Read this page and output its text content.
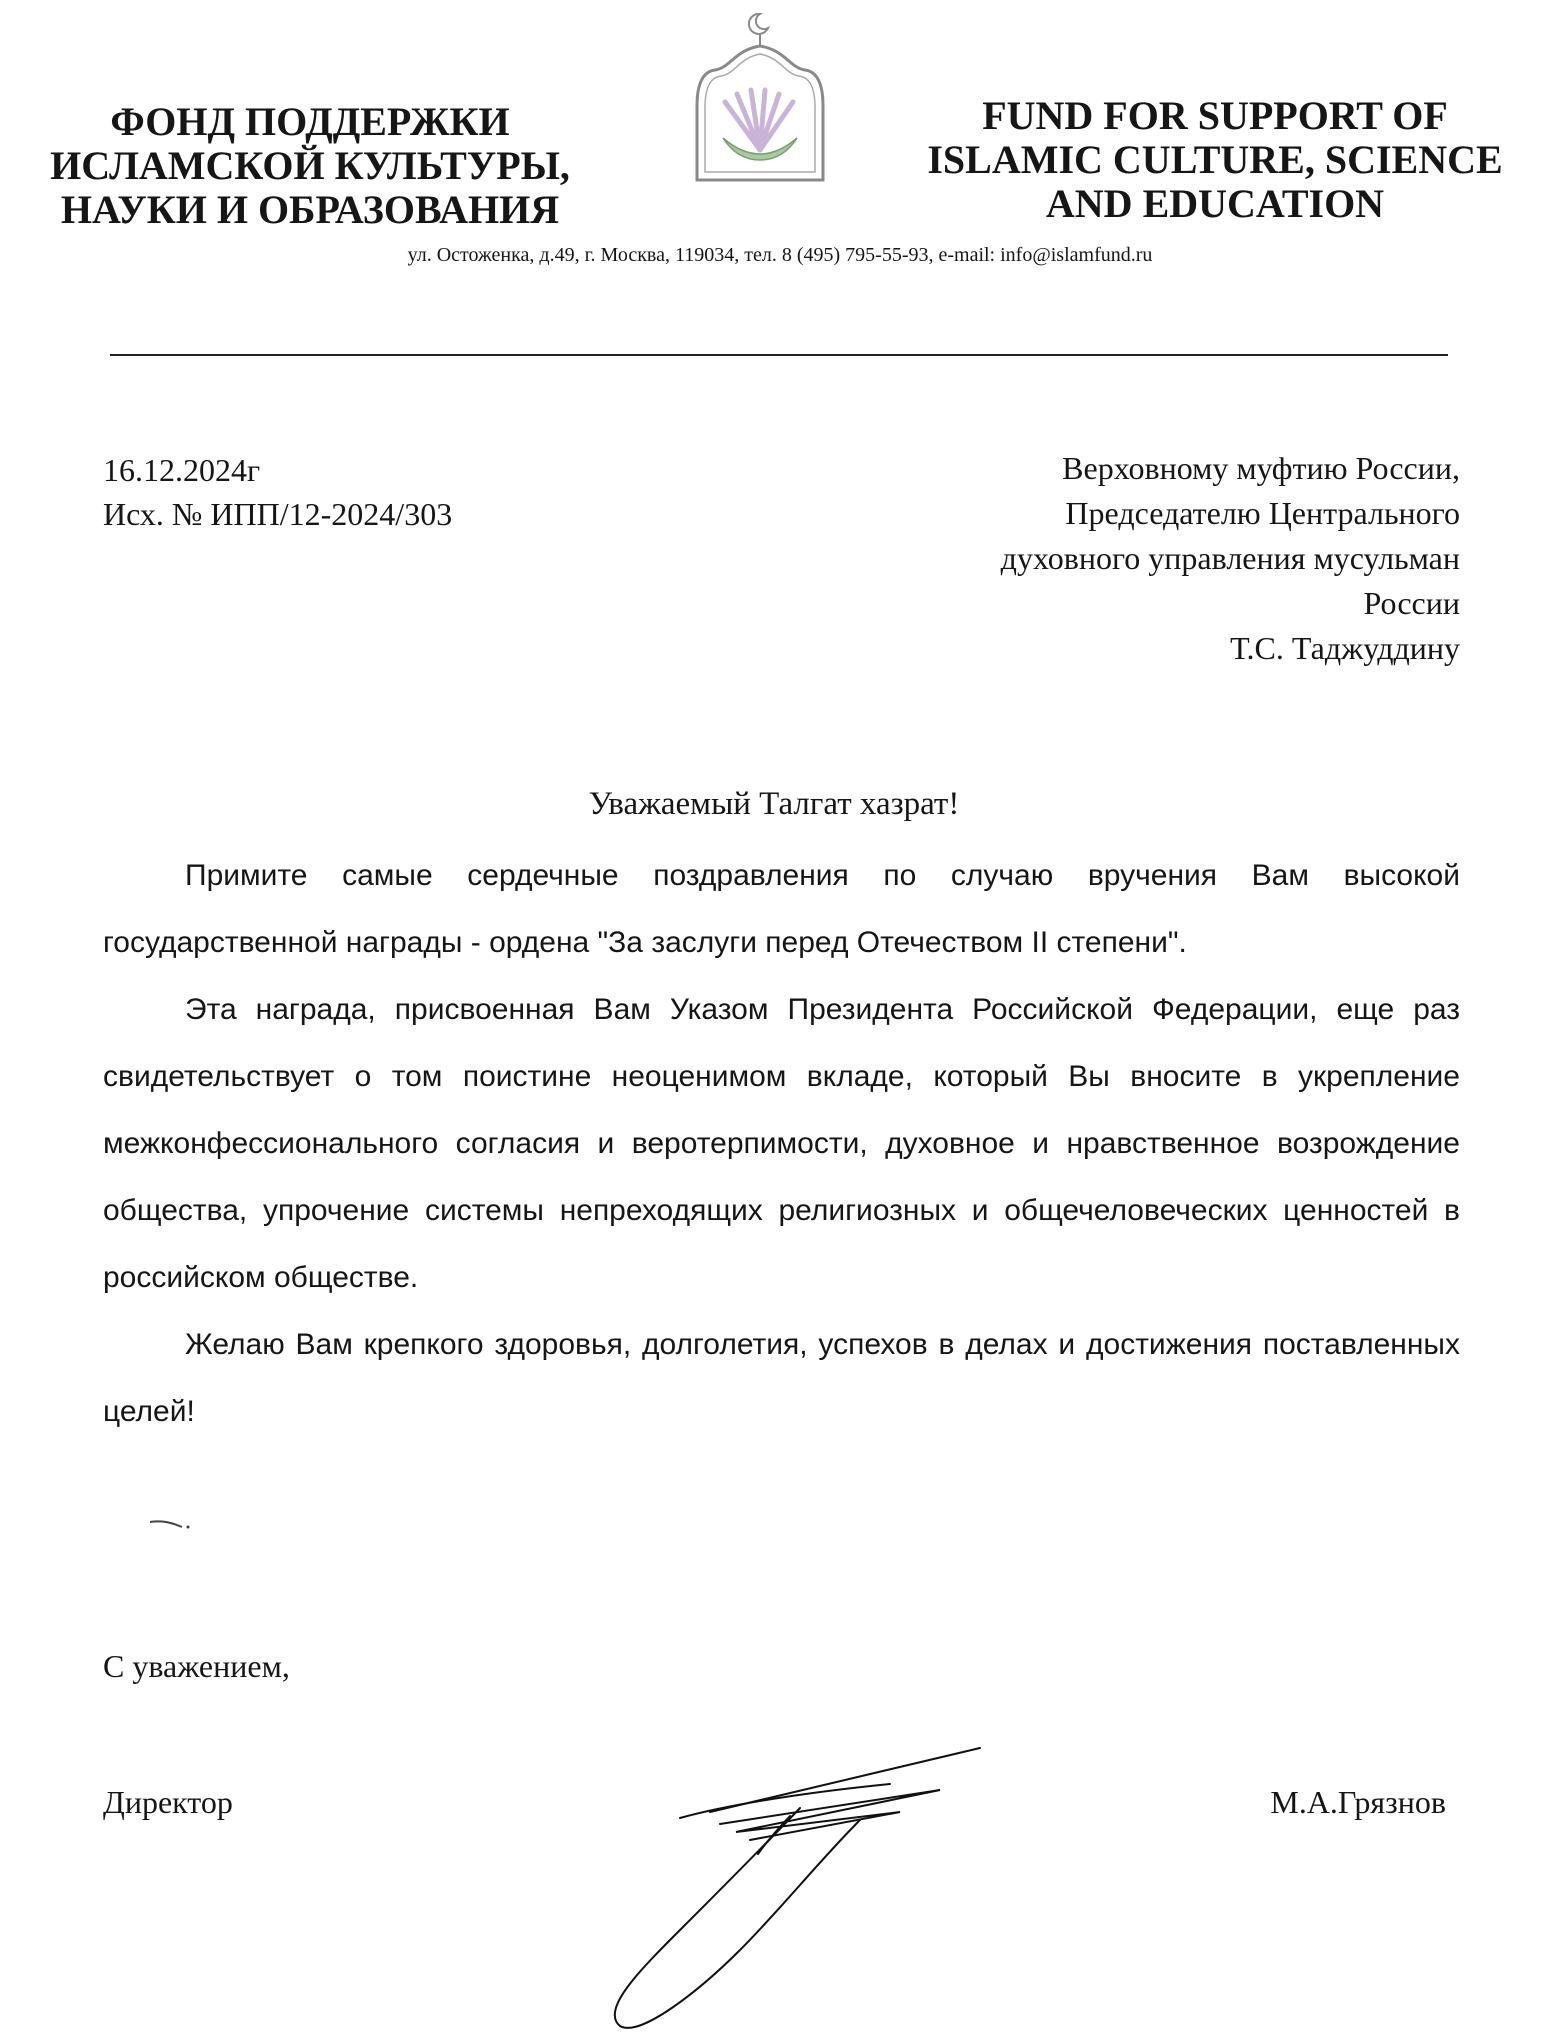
ФОНД ПОДДЕРЖКИ
ИСЛАМСКОЙ КУЛЬТУРЫ,
НАУКИ И ОБРАЗОВАНИЯ
FUND FOR SUPPORT OF
ISLAMIC CULTURE, SCIENCE
AND EDUCATION
ул. Остоженка, д.49, г. Москва, 119034, тел. 8 (495) 795-55-93, e-mail: info@islamfund.ru
16.12.2024г
Исх. № ИПП/12-2024/303
Верховному муфтию России,
Председателю Центрального
духовного управления мусульман
России
Т.С. Таджуддину
Уважаемый Талгат хазрат!

Примите самые сердечные поздравления по случаю вручения Вам высокой государственной награды - ордена "За заслуги перед Отечеством II степени".

Эта награда, присвоенная Вам Указом Президента Российской Федерации, еще раз свидетельствует о том поистине неоценимом вкладе, который Вы вносите в укрепление межконфессионального согласия и веротерпимости, духовное и нравственное возрождение общества, упрочение системы непреходящих религиозных и общечеловеческих ценностей в российском обществе.

Желаю Вам крепкого здоровья, долголетия, успехов в делах и достижения поставленных целей!

С уважением,
Директор	М.А.Грязнов
